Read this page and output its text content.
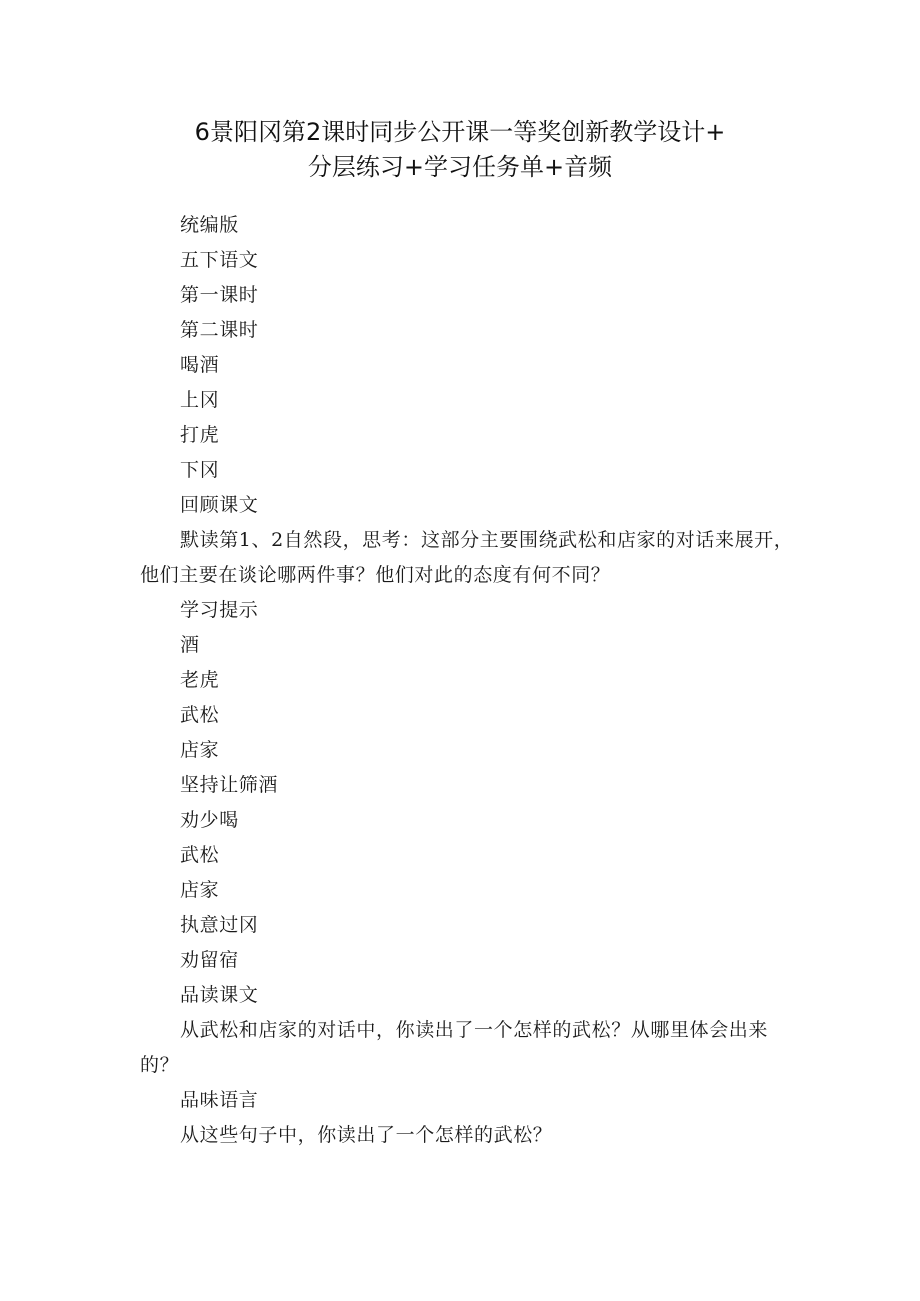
6景阳冈第2课时同步公开课一等奖创新教学设计+
分层练习+学习任务单+音频

统编版

五下语文

第一课时

第二课时

喝酒

上冈

打虎

下冈

回顾课文

默读第1、2自然段，思考：这部分主要围绕武松和店家的对话来展开，他们主要在谈论哪两件事？他们对此的态度有何不同？

学习提示

酒

老虎

武松

店家

坚持让筛酒

劝少喝

武松

店家

执意过冈

劝留宿

品读课文

从武松和店家的对话中，你读出了一个怎样的武松？从哪里体会出来的？

品味语言

从这些句子中，你读出了一个怎样的武松？
